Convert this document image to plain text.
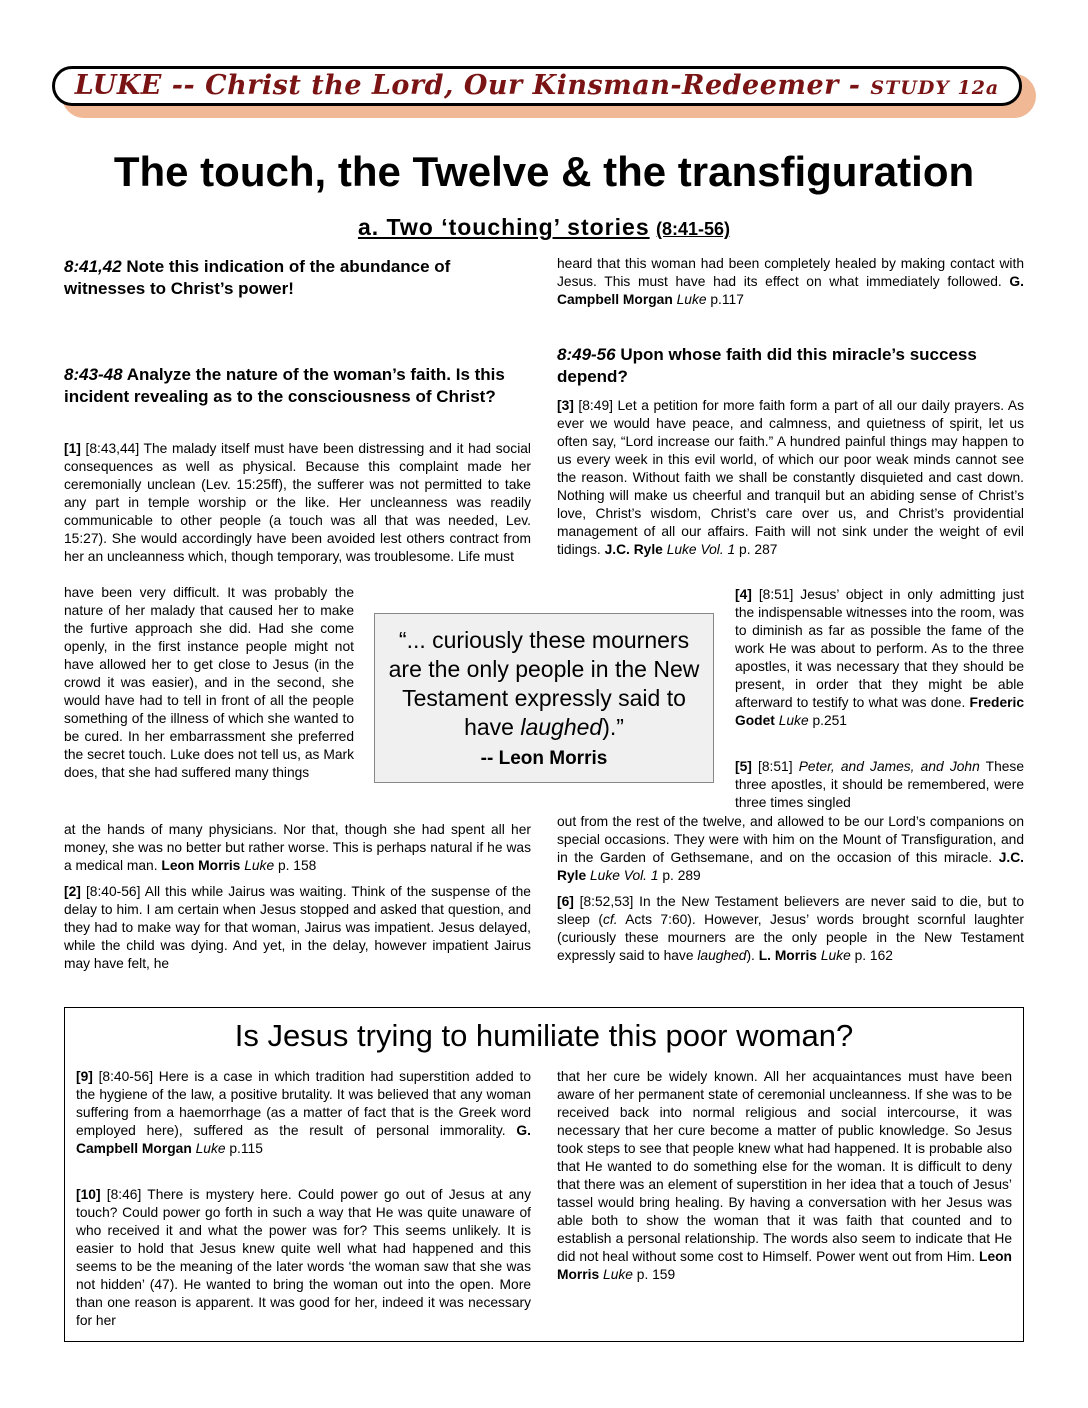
LUKE -- Christ the Lord, Our Kinsman-Redeemer - STUDY 12a
The touch, the Twelve & the transfiguration
a. Two ‘touching’ stories (8:41-56)
8:41,42 Note this indication of the abundance of witnesses to Christ’s power!
8:43-48 Analyze the nature of the woman’s faith. Is this incident revealing as to the consciousness of Christ?
[1] [8:43,44] The malady itself must have been distressing and it had social consequences as well as physical. Because this complaint made her ceremonially unclean (Lev. 15:25ff), the sufferer was not permitted to take any part in temple worship or the like. Her uncleanness was readily communicable to other people (a touch was all that was needed, Lev. 15:27). She would accordingly have been avoided lest others contract from her an uncleanness which, though temporary, was troublesome. Life must
have been very difficult. It was probably the nature of her malady that caused her to make the furtive approach she did. Had she come openly, in the first instance people might not have allowed her to get close to Jesus (in the crowd it was easier), and in the second, she would have had to tell in front of all the people something of the illness of which she wanted to be cured. In her embarrassment she preferred the secret touch. Luke does not tell us, as Mark does, that she had suffered many things
at the hands of many physicians. Nor that, though she had spent all her money, she was no better but rather worse. This is perhaps natural if he was a medical man. Leon Morris Luke p. 158
[2] [8:40-56] All this while Jairus was waiting. Think of the suspense of the delay to him. I am certain when Jesus stopped and asked that question, and they had to make way for that woman, Jairus was impatient. Jesus delayed, while the child was dying. And yet, in the delay, however impatient Jairus may have felt, he
heard that this woman had been completely healed by making contact with Jesus. This must have had its effect on what immediately followed. G. Campbell Morgan Luke p.117
8:49-56 Upon whose faith did this miracle’s success depend?
[3] [8:49] Let a petition for more faith form a part of all our daily prayers. As ever we would have peace, and calmness, and quietness of spirit, let us often say, “Lord increase our faith.” A hundred painful things may happen to us every week in this evil world, of which our poor weak minds cannot see the reason. Without faith we shall be constantly disquieted and cast down. Nothing will make us cheerful and tranquil but an abiding sense of Christ’s love, Christ’s wisdom, Christ’s care over us, and Christ’s providential management of all our affairs. Faith will not sink under the weight of evil tidings. J.C. Ryle Luke Vol. 1 p. 287
[4] [8:51] Jesus’ object in only admitting just the indispensable witnesses into the room, was to diminish as far as possible the fame of the work He was about to perform. As to the three apostles, it was necessary that they should be present, in order that they might be able afterward to testify to what was done. Frederic Godet Luke p.251
[5] [8:51] Peter, and James, and John These three apostles, it should be remembered, were three times singled
out from the rest of the twelve, and allowed to be our Lord’s companions on special occasions. They were with him on the Mount of Transfiguration, and in the Garden of Gethsemane, and on the occasion of this miracle. J.C. Ryle Luke Vol. 1 p. 289
[6] [8:52,53] In the New Testament believers are never said to die, but to sleep (cf. Acts 7:60). However, Jesus’ words brought scornful laughter (curiously these mourners are the only people in the New Testament expressly said to have laughed). L. Morris Luke p. 162
“... curiously these mourners are the only people in the New Testament expressly said to have laughed).”
-- Leon Morris
Is Jesus trying to humiliate this poor woman?
[9] [8:40-56] Here is a case in which tradition had superstition added to the hygiene of the law, a positive brutality. It was believed that any woman suffering from a haemorrhage (as a matter of fact that is the Greek word employed here), suffered as the result of personal immorality. G. Campbell Morgan Luke p.115
[10] [8:46] There is mystery here. Could power go out of Jesus at any touch? Could power go forth in such a way that He was quite unaware of who received it and what the power was for? This seems unlikely. It is easier to hold that Jesus knew quite well what had happened and this seems to be the meaning of the later words ‘the woman saw that she was not hidden’ (47). He wanted to bring the woman out into the open. More than one reason is apparent. It was good for her, indeed it was necessary for her
that her cure be widely known. All her acquaintances must have been aware of her permanent state of ceremonial uncleanness. If she was to be received back into normal religious and social intercourse, it was necessary that her cure become a matter of public knowledge. So Jesus took steps to see that people knew what had happened. It is probable also that He wanted to do something else for the woman. It is difficult to deny that there was an element of superstition in her idea that a touch of Jesus’ tassel would bring healing. By having a conversation with her Jesus was able both to show the woman that it was faith that counted and to establish a personal relationship. The words also seem to indicate that He did not heal without some cost to Himself. Power went out from Him. Leon Morris Luke p. 159
